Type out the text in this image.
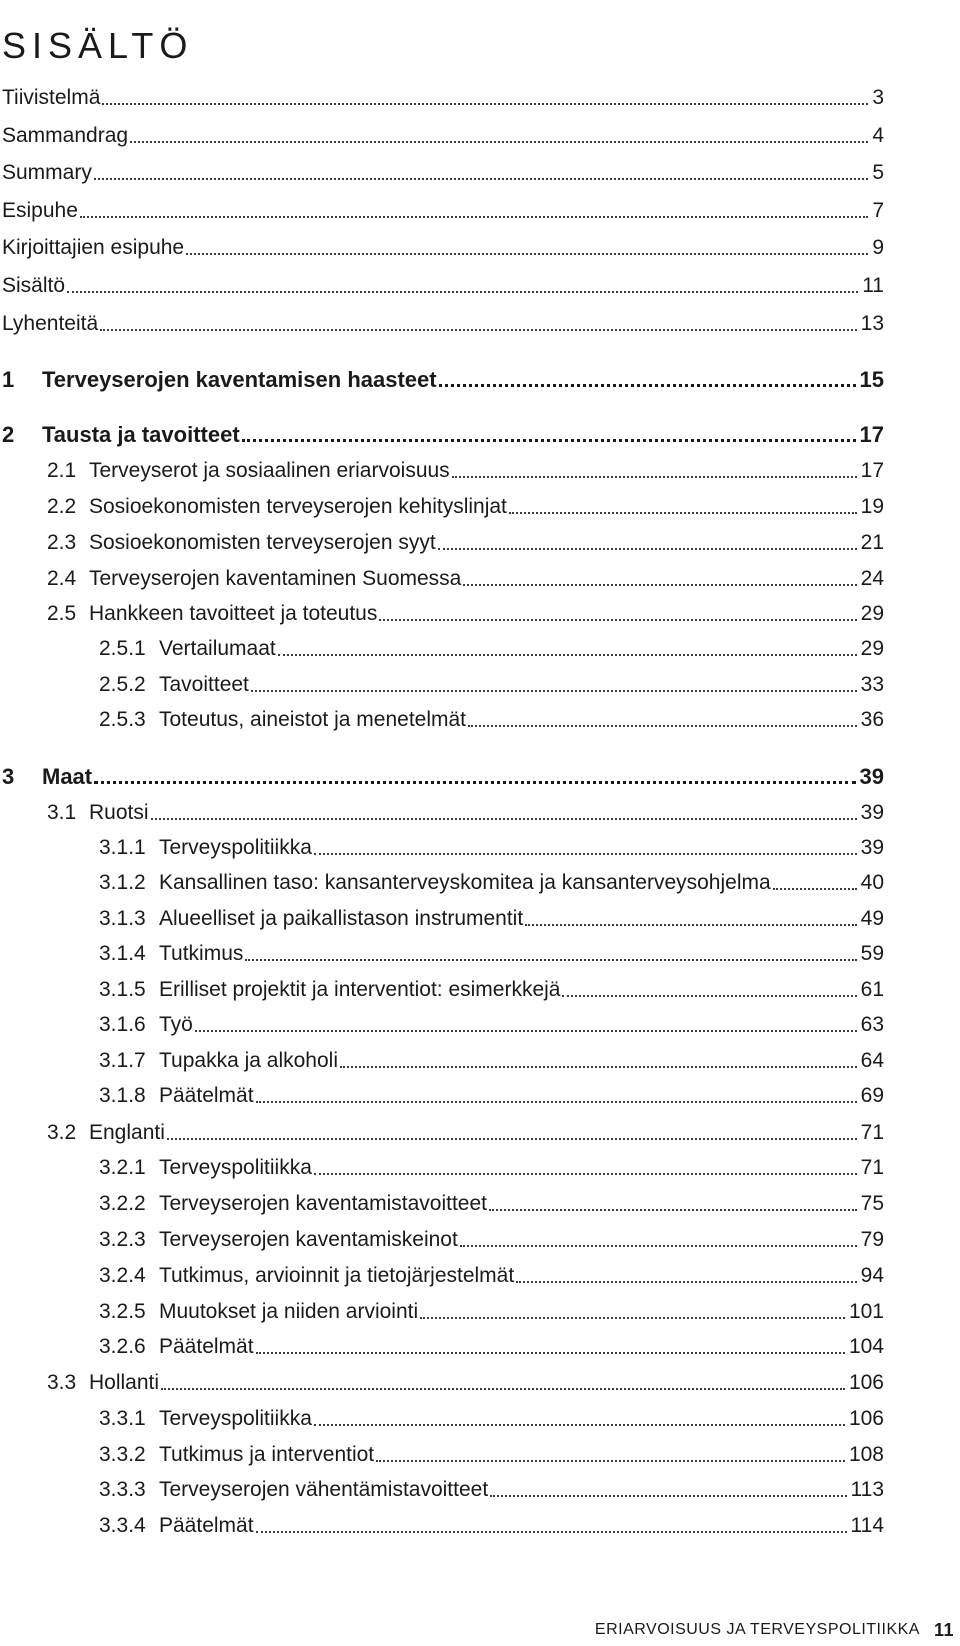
SISÄLTÖ
Tiivistelmä	3
Sammandrag	4
Summary	5
Esipuhe	7
Kirjoittajien esipuhe	9
Sisältö	11
Lyhenteitä	13
1	Terveyserojen kaventamisen haasteet	15
2	Tausta ja tavoitteet	17
2.1 Terveyserot ja sosiaalinen eriarvoisuus	17
2.2 Sosioekonomisten terveyserojen kehityslinjat	19
2.3 Sosioekonomisten terveyserojen syyt	21
2.4 Terveyserojen kaventaminen Suomessa	24
2.5 Hankkeen tavoitteet ja toteutus	29
2.5.1 Vertailumaat	29
2.5.2 Tavoitteet	33
2.5.3 Toteutus, aineistot ja menetelmät	36
3	Maat	39
3.1 Ruotsi	39
3.1.1 Terveyspolitiikka	39
3.1.2 Kansallinen taso: kansanterveyskomitea ja kansanterveysohjelma	40
3.1.3 Alueelliset ja paikallistason instrumentit	49
3.1.4 Tutkimus	59
3.1.5 Erilliset projektit ja interventiot: esimerkkejä	61
3.1.6 Työ	63
3.1.7 Tupakka ja alkoholi	64
3.1.8 Päätelmät	69
3.2 Englanti	71
3.2.1 Terveyspolitiikka	71
3.2.2 Terveyserojen kaventamistavoitteet	75
3.2.3 Terveyserojen kaventamiskeinot	79
3.2.4 Tutkimus, arvioinnit ja tietojärjestelmät	94
3.2.5 Muutokset ja niiden arviointi	101
3.2.6 Päätelmät	104
3.3 Hollanti	106
3.3.1 Terveyspolitiikka	106
3.3.2 Tutkimus ja interventiot	108
3.3.3 Terveyserojen vähentämistavoitteet	113
3.3.4 Päätelmät	114
ERIARVOISUUS JA TERVEYSPOLITIIKKA 11
